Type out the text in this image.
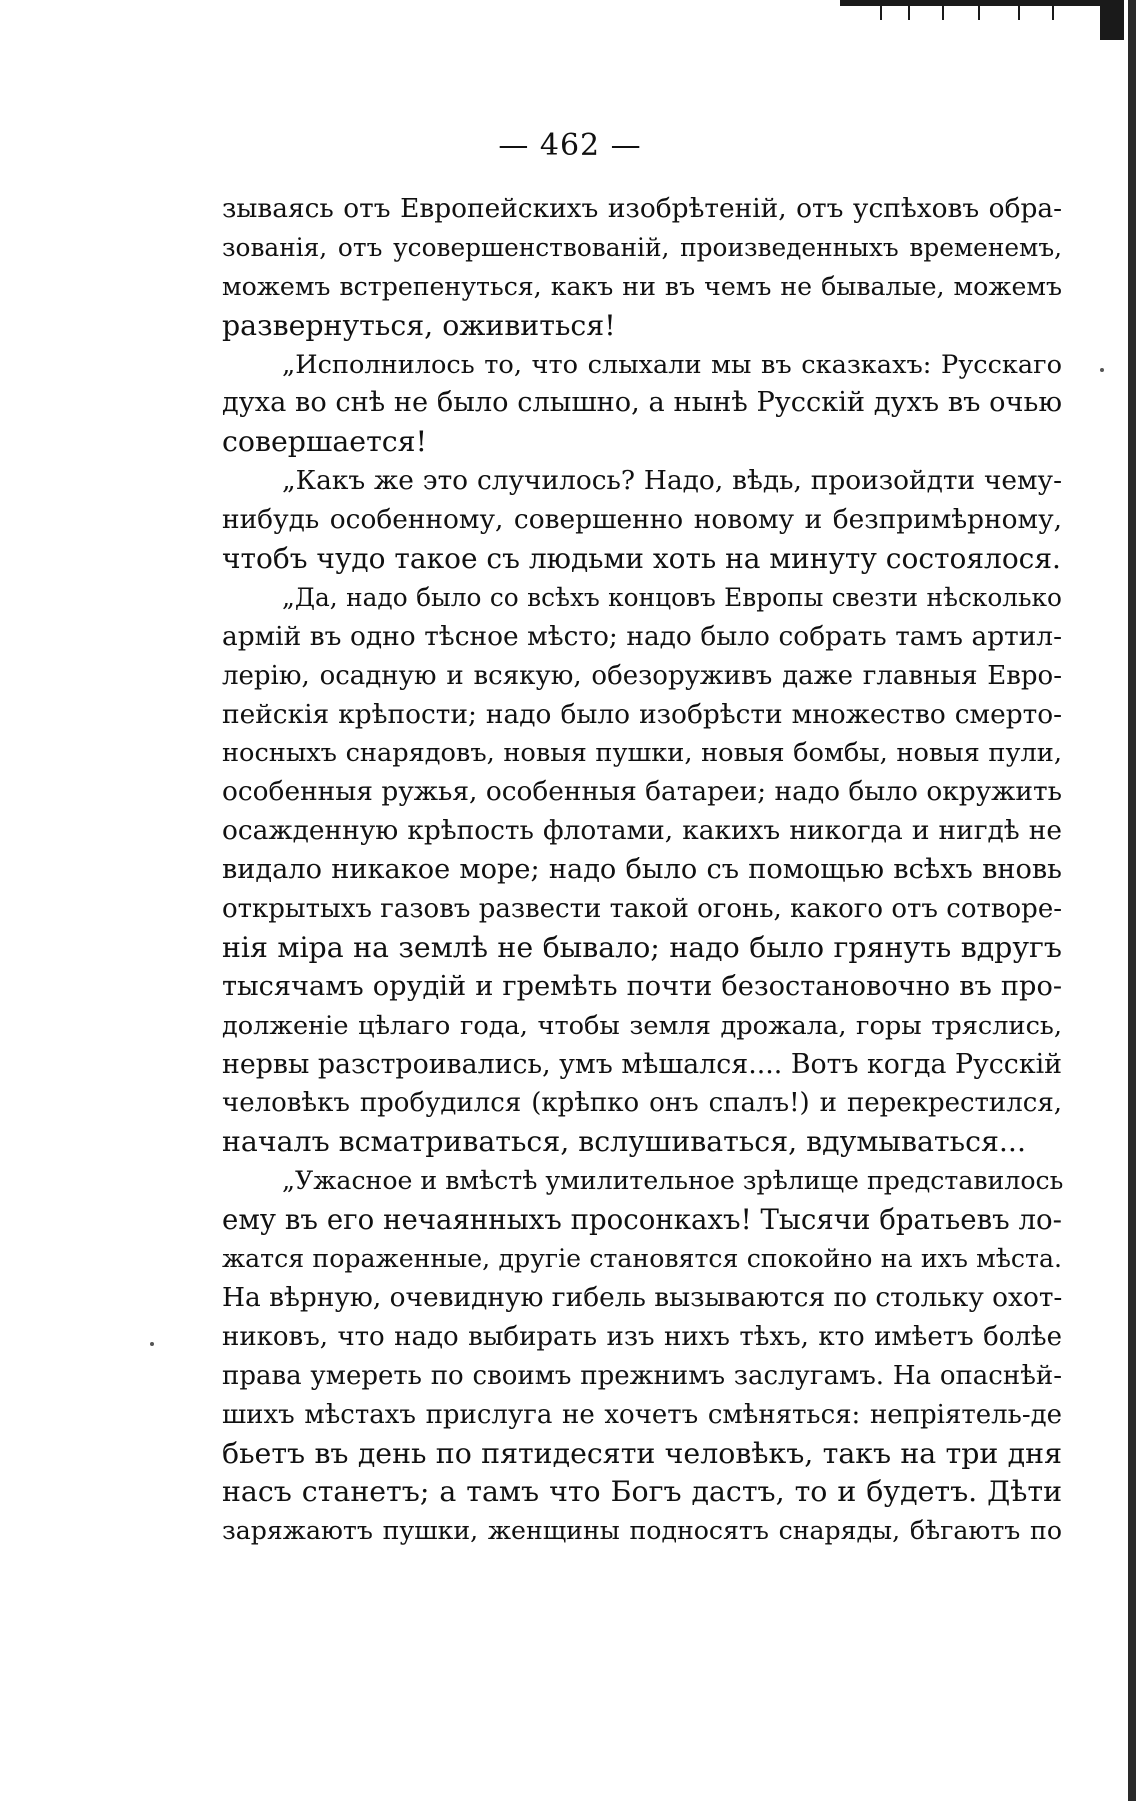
— 462 —

зываясь отъ Европейскихъ изобрѣтеній, отъ успѣховъ обра-
зованія, отъ усовершенствованій, произведенныхъ временемъ,
можемъ встрепенуться, какъ ни въ чемъ не бывалые, можемъ
развернуться, оживиться!

„Исполнилось то, что слыхали мы въ сказкахъ: Русскаго
духа во снѣ не было слышно, а нынѣ Русскій духъ въ очью
совершается!

„Какъ же это случилось? Надо, вѣдь, произойдти чему-
нибудь особенному, совершенно новому и безпримѣрному,
чтобъ чудо такое съ людьми хоть на минуту состоялося.

„Да, надо было со всѣхъ концовъ Европы свезти нѣсколько
армій въ одно тѣсное мѣсто; надо было собрать тамъ артил-
лерію, осадную и всякую, обезоруживъ даже главныя Евро-
пейскія крѣпости; надо было изобрѣсти множество смерто-
носныхъ снарядовъ, новыя пушки, новыя бомбы, новыя пули,
особенныя ружья, особенныя батареи; надо было окружить
осажденную крѣпость флотами, какихъ никогда и нигдѣ не
видало никакое море; надо было съ помощью всѣхъ вновь
открытыхъ газовъ развести такой огонь, какого отъ сотворе-
нія міра на землѣ не бывало; надо было грянуть вдругъ
тысячамъ орудій и гремѣть почти безостановочно въ про-
долженіе цѣлаго года, чтобы земля дрожала, горы тряслись,
нервы разстроивались, умъ мѣшался.... Вотъ когда Русскій
человѣкъ пробудился (крѣпко онъ спалъ!) и перекрестился,
началъ всматриваться, вслушиваться, вдумываться...

„Ужасное и вмѣстѣ умилительное зрѣлище представилось
ему въ его нечаянныхъ просонкахъ! Тысячи братьевъ ло-
жатся пораженные, другіе становятся спокойно на ихъ мѣста.
На вѣрную, очевидную гибель вызываются по стольку охот-
никовъ, что надо выбирать изъ нихъ тѣхъ, кто имѣетъ болѣе
права умереть по своимъ прежнимъ заслугамъ. На опаснѣй-
шихъ мѣстахъ прислуга не хочетъ смѣняться: непріятель-де
бьетъ въ день по пятидесяти человѣкъ, такъ на три дня
насъ станетъ; а тамъ что Богъ дастъ, то и будетъ. Дѣти
заряжаютъ пушки, женщины подносятъ снаряды, бѣгаютъ по
